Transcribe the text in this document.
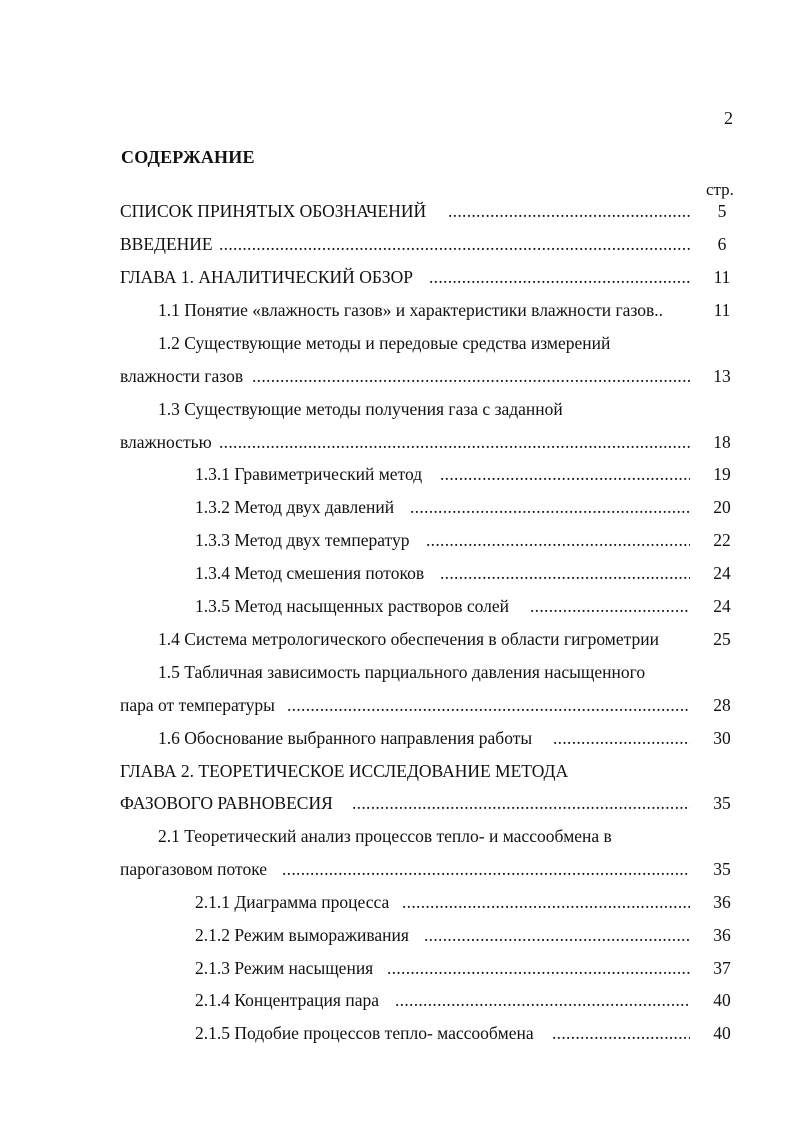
2
СОДЕРЖАНИЕ
стр.
СПИСОК ПРИНЯТЫХ ОБОЗНАЧЕНИЙ .....	5
ВВЕДЕНИЕ .....	6
ГЛАВА 1. АНАЛИТИЧЕСКИЙ ОБЗОР .....	11
1.1 Понятие «влажность газов» и характеристики влажности газов..	11
1.2 Существующие методы и передовые средства измерений
влажности газов .....	13
1.3 Существующие методы получения газа с заданной
влажностью .....	18
1.3.1 Гравиметрический метод .....	19
1.3.2 Метод двух давлений .....	20
1.3.3 Метод двух температур .....	22
1.3.4 Метод смешения потоков .....	24
1.3.5 Метод насыщенных растворов солей .....	24
1.4 Система метрологического обеспечения в области гигрометрии	25
1.5 Табличная зависимость парциального давления насыщенного
пара от температуры .....	28
1.6 Обоснование выбранного направления работы .....	30
ГЛАВА 2. ТЕОРЕТИЧЕСКОЕ ИССЛЕДОВАНИЕ МЕТОДА
ФАЗОВОГО РАВНОВЕСИЯ .....	35
2.1 Теоретический анализ процессов тепло- и массообмена в
парогазовом потоке .....	35
2.1.1 Диаграмма процесса .....	36
2.1.2 Режим вымораживания .....	36
2.1.3 Режим насыщения .....	37
2.1.4 Концентрация пара .....	40
2.1.5 Подобие процессов тепло- массообмена .....	40
